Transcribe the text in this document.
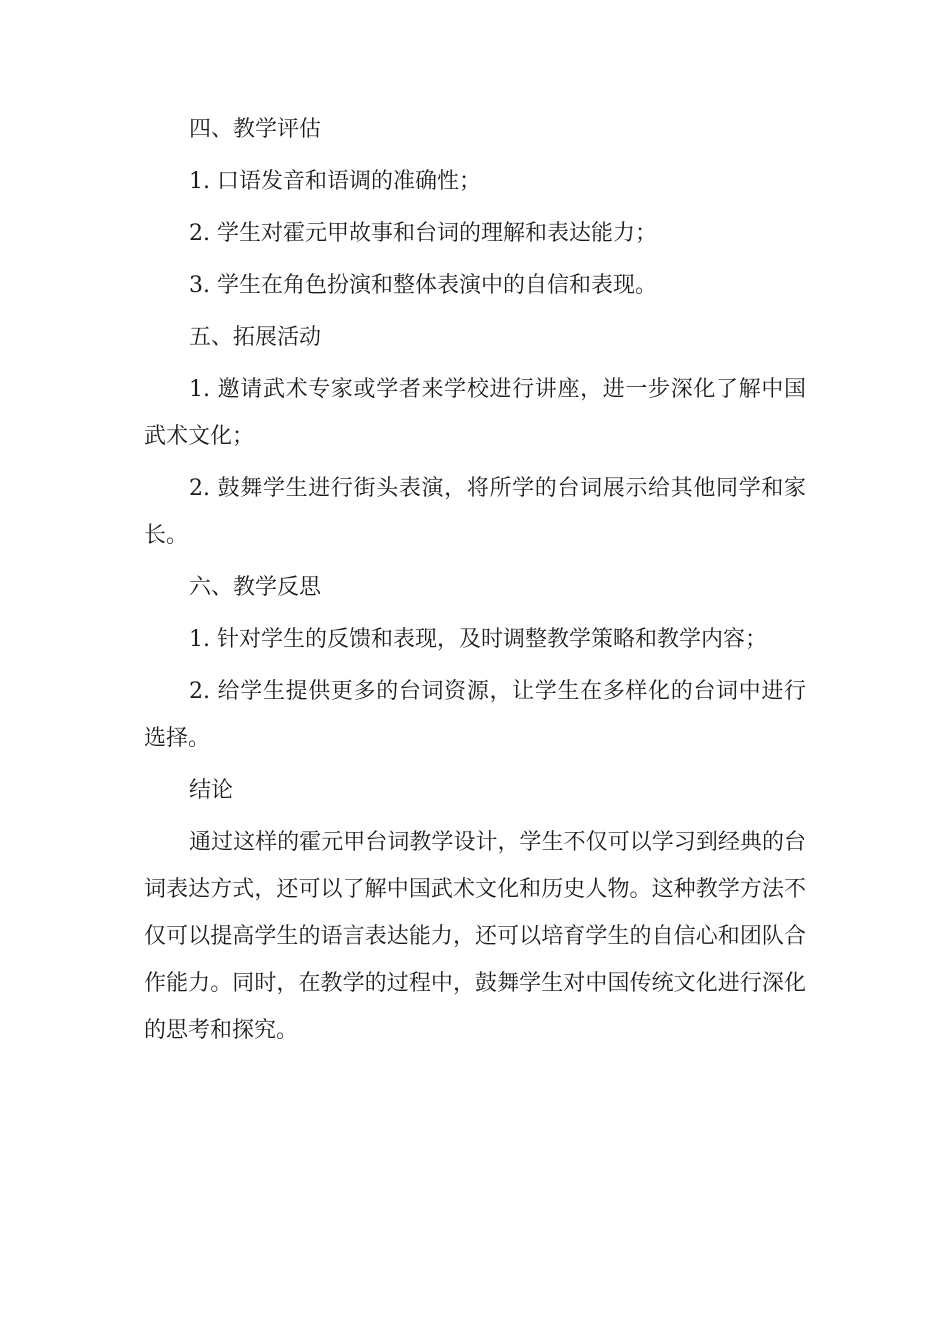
四、教学评估

1. 口语发音和语调的准确性；

2. 学生对霍元甲故事和台词的理解和表达能力；

3. 学生在角色扮演和整体表演中的自信和表现。

五、拓展活动

1. 邀请武术专家或学者来学校进行讲座，进一步深化了解中国武术文化；

2. 鼓舞学生进行街头表演，将所学的台词展示给其他同学和家长。

六、教学反思

1. 针对学生的反馈和表现，及时调整教学策略和教学内容；

2. 给学生提供更多的台词资源，让学生在多样化的台词中进行选择。

结论

通过这样的霍元甲台词教学设计，学生不仅可以学习到经典的台词表达方式，还可以了解中国武术文化和历史人物。这种教学方法不仅可以提高学生的语言表达能力，还可以培育学生的自信心和团队合作能力。同时，在教学的过程中，鼓舞学生对中国传统文化进行深化的思考和探究。
